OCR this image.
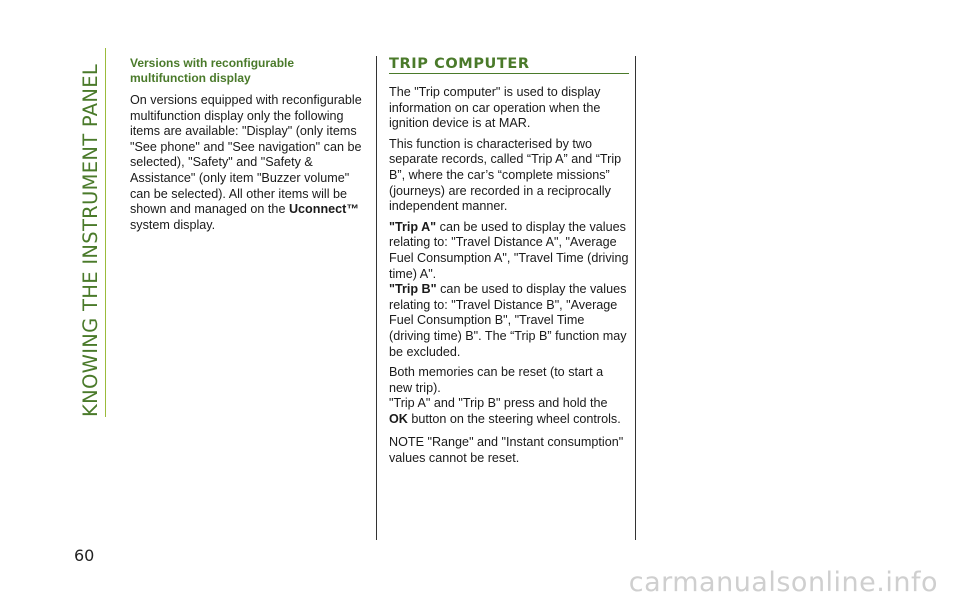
KNOWING THE INSTRUMENT PANEL
60
Versions with reconfigurable multifunction display

On versions equipped with reconfigurable multifunction display only the following items are available: "Display" (only items "See phone" and "See navigation" can be selected), "Safety" and "Safety & Assistance" (only item "Buzzer volume" can be selected). All other items will be shown and managed on the Uconnect™ system display.

TRIP COMPUTER

The "Trip computer" is used to display information on car operation when the ignition device is at MAR.

This function is characterised by two separate records, called “Trip A” and “Trip B”, where the car’s “complete missions” (journeys) are recorded in a reciprocally independent manner.

"Trip A" can be used to display the values relating to: "Travel Distance A", "Average Fuel Consumption A", "Travel Time (driving time) A".

"Trip B" can be used to display the values relating to: "Travel Distance B", "Average Fuel Consumption B", "Travel Time (driving time) B". The “Trip B” function may be excluded.

Both memories can be reset (to start a new trip).

"Trip A" and "Trip B" press and hold the OK button on the steering wheel controls.

NOTE "Range" and "Instant consumption" values cannot be reset.

carmanualsonline.info
